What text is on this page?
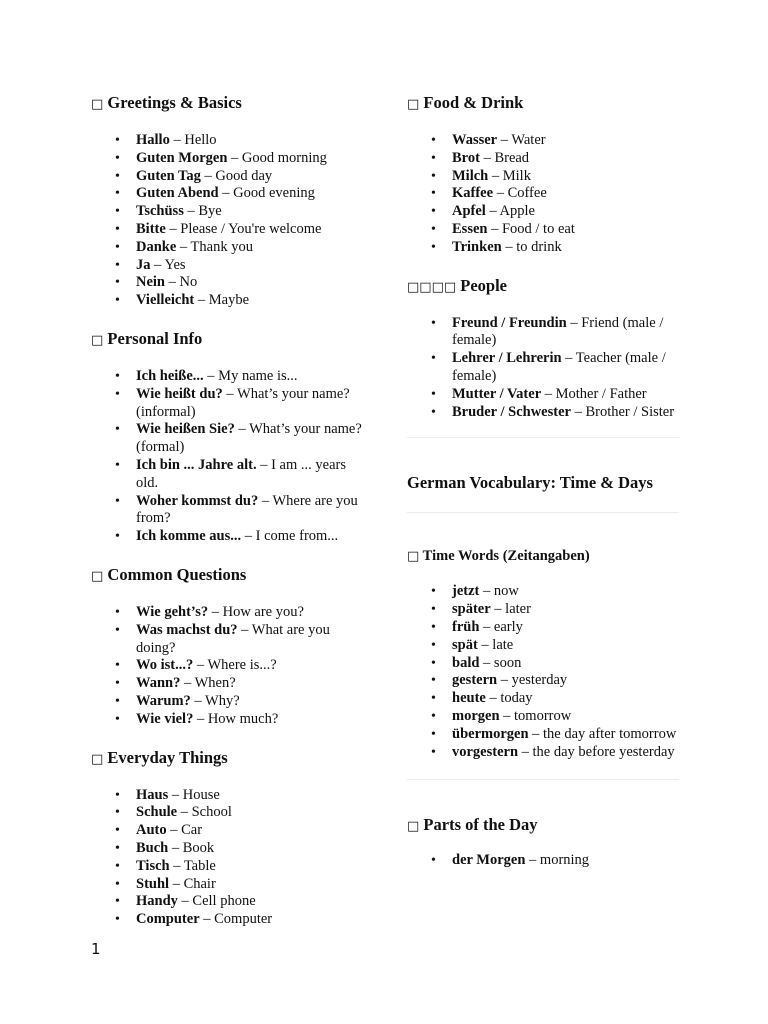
□ Greetings & Basics
• Hallo – Hello
• Guten Morgen – Good morning
• Guten Tag – Good day
• Guten Abend – Good evening
• Tschüss – Bye
• Bitte – Please / You're welcome
• Danke – Thank you
• Ja – Yes
• Nein – No
• Vielleicht – Maybe
□ Personal Info
• Ich heiße... – My name is...
• Wie heißt du? – What’s your name? (informal)
• Wie heißen Sie? – What’s your name? (formal)
• Ich bin ... Jahre alt. – I am ... years old.
• Woher kommst du? – Where are you from?
• Ich komme aus... – I come from...
□ Common Questions
• Wie geht’s? – How are you?
• Was machst du? – What are you doing?
• Wo ist...? – Where is...?
• Wann? – When?
• Warum? – Why?
• Wie viel? – How much?
□ Everyday Things
• Haus – House
• Schule – School
• Auto – Car
• Buch – Book
• Tisch – Table
• Stuhl – Chair
• Handy – Cell phone
• Computer – Computer
□ Food & Drink
• Wasser – Water
• Brot – Bread
• Milch – Milk
• Kaffee – Coffee
• Apfel – Apple
• Essen – Food / to eat
• Trinken – to drink
□□□□ People
• Freund / Freundin – Friend (male / female)
• Lehrer / Lehrerin – Teacher (male / female)
• Mutter / Vater – Mother / Father
• Bruder / Schwester – Brother / Sister
German Vocabulary: Time & Days
□ Time Words (Zeitangaben)
• jetzt – now
• später – later
• früh – early
• spät – late
• bald – soon
• gestern – yesterday
• heute – today
• morgen – tomorrow
• übermorgen – the day after tomorrow
• vorgestern – the day before yesterday
□ Parts of the Day
• der Morgen – morning
1
